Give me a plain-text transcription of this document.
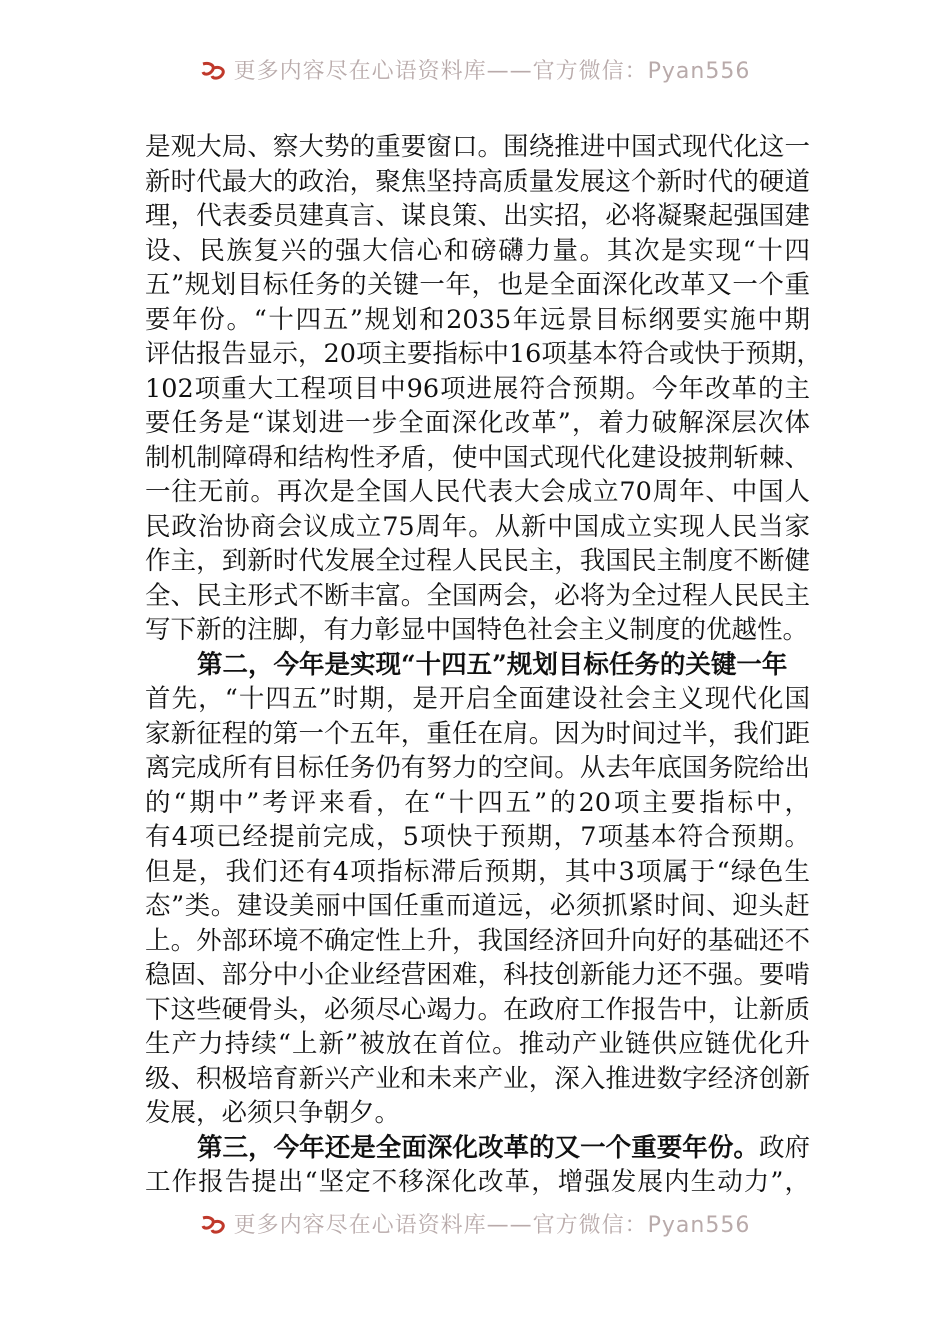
更多内容尽在心语资料库——官方微信：Pyan556
是观大局、察大势的重要窗口。围绕推进中国式现代化这一
新时代最大的政治，聚焦坚持高质量发展这个新时代的硬道
理，代表委员建真言、谋良策、出实招，必将凝聚起强国建
设、民族复兴的强大信心和磅礴力量。其次是实现“十四
五”规划目标任务的关键一年，也是全面深化改革又一个重
要年份。“十四五”规划和2035年远景目标纲要实施中期
评估报告显示，20项主要指标中16项基本符合或快于预期，
102项重大工程项目中96项进展符合预期。今年改革的主
要任务是“谋划进一步全面深化改革”，着力破解深层次体
制机制障碍和结构性矛盾，使中国式现代化建设披荆斩棘、
一往无前。再次是全国人民代表大会成立70周年、中国人
民政治协商会议成立75周年。从新中国成立实现人民当家
作主，到新时代发展全过程人民民主，我国民主制度不断健
全、民主形式不断丰富。全国两会，必将为全过程人民民主
写下新的注脚，有力彰显中国特色社会主义制度的优越性。
第二，今年是实现“十四五”规划目标任务的关键一年
首先，“十四五”时期，是开启全面建设社会主义现代化国
家新征程的第一个五年，重任在肩。因为时间过半，我们距
离完成所有目标任务仍有努力的空间。从去年底国务院给出
的“期中”考评来看，在“十四五”的20项主要指标中，
有4项已经提前完成，5项快于预期，7项基本符合预期。
但是，我们还有4项指标滞后预期，其中3项属于“绿色生
态”类。建设美丽中国任重而道远，必须抓紧时间、迎头赶
上。外部环境不确定性上升，我国经济回升向好的基础还不
稳固、部分中小企业经营困难，科技创新能力还不强。要啃
下这些硬骨头，必须尽心竭力。在政府工作报告中，让新质
生产力持续“上新”被放在首位。推动产业链供应链优化升
级、积极培育新兴产业和未来产业，深入推进数字经济创新
发展，必须只争朝夕。
第三，今年还是全面深化改革的又一个重要年份。政府
工作报告提出“坚定不移深化改革，增强发展内生动力”，
更多内容尽在心语资料库——官方微信：Pyan556
